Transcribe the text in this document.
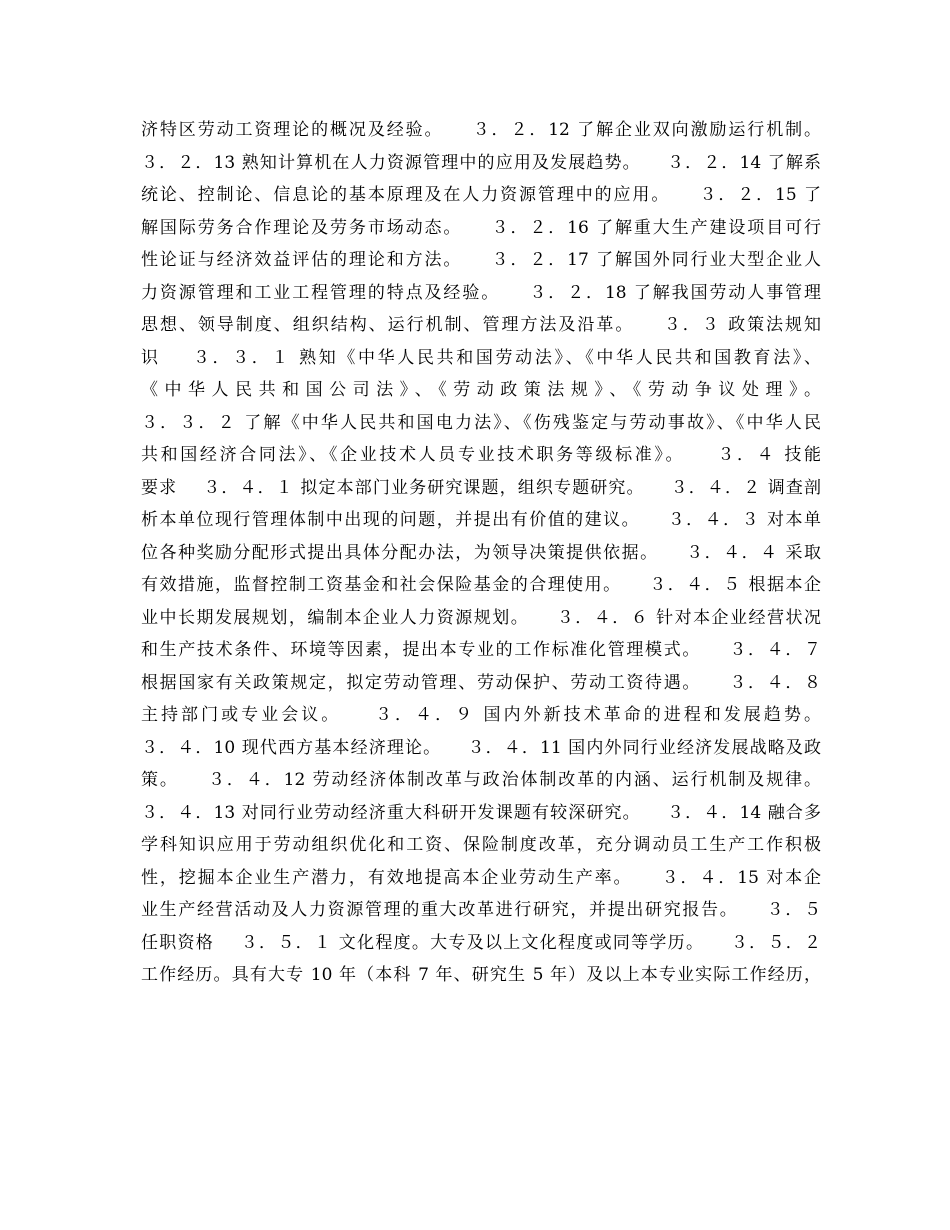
济特区劳动工资理论的概况及经验。    ３．２．12 了解企业双向激励运行机制。
３．２．13 熟知计算机在人力资源管理中的应用及发展趋势。    ３．２．14 了解系
统论、控制论、信息论的基本原理及在人力资源管理中的应用。    ３．２．15 了
解国际劳务合作理论及劳务市场动态。    ３．２．16 了解重大生产建设项目可行
性论证与经济效益评估的理论和方法。    ３．２．17 了解国外同行业大型企业人
力资源管理和工业工程管理的特点及经验。    ３．２．18 了解我国劳动人事管理
思想、领导制度、组织结构、运行机制、管理方法及沿革。    ３．３ 政策法规知
识    ３．３．１ 熟知《中华人民共和国劳动法》、《中华人民共和国教育法》、
《中华人民共和国公司法》、《劳动政策法规》、《劳动争议处理》。
３．３．２ 了解《中华人民共和国电力法》、《伤残鉴定与劳动事故》、《中华人民
共和国经济合同法》、《企业技术人员专业技术职务等级标准》。    ３．４ 技能
要求    ３．４．１ 拟定本部门业务研究课题，组织专题研究。    ３．４．２ 调查剖
析本单位现行管理体制中出现的问题，并提出有价值的建议。    ３．４．３ 对本单
位各种奖励分配形式提出具体分配办法，为领导决策提供依据。    ３．４．４ 采取
有效措施，监督控制工资基金和社会保险基金的合理使用。    ３．４．５ 根据本企
业中长期发展规划，编制本企业人力资源规划。    ３．４．６ 针对本企业经营状况
和生产技术条件、环境等因素，提出本专业的工作标准化管理模式。    ３．４．７
根据国家有关政策规定，拟定劳动管理、劳动保护、劳动工资待遇。    ３．４．８
主持部门或专业会议。    ３．４．９ 国内外新技术革命的进程和发展趋势。
３．４．10 现代西方基本经济理论。    ３．４．11 国内外同行业经济发展战略及政
策。    ３．４．12 劳动经济体制改革与政治体制改革的内涵、运行机制及规律。
３．４．13 对同行业劳动经济重大科研开发课题有较深研究。    ３．４．14 融合多
学科知识应用于劳动组织优化和工资、保险制度改革，充分调动员工生产工作积极
性，挖掘本企业生产潜力，有效地提高本企业劳动生产率。    ３．４．15 对本企
业生产经营活动及人力资源管理的重大改革进行研究，并提出研究报告。    ３．５
任职资格    ３．５．１ 文化程度。大专及以上文化程度或同等学历。    ３．５．２
工作经历。具有大专 10 年（本科 7 年、研究生 5 年）及以上本专业实际工作经历，
